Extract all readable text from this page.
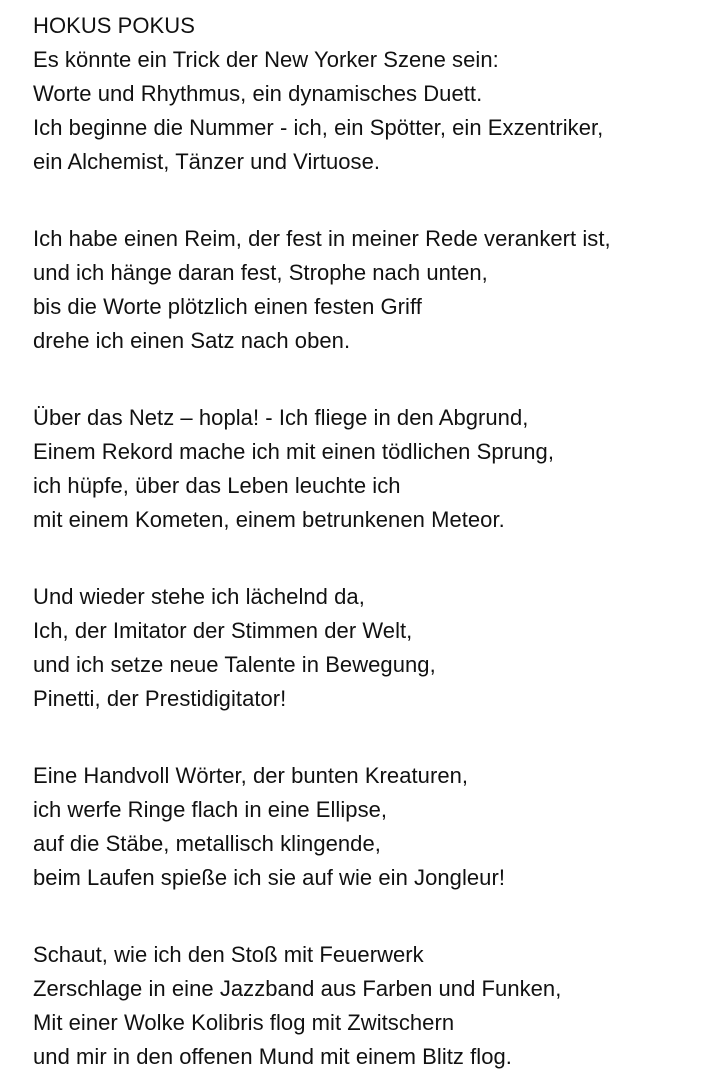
HOKUS POKUS
Es könnte ein Trick der New Yorker Szene sein:
Worte und Rhythmus, ein dynamisches Duett.
Ich beginne die Nummer - ich, ein Spötter, ein Exzentriker,
ein Alchemist, Tänzer und Virtuose.
Ich habe einen Reim, der fest in meiner Rede verankert ist,
und ich hänge daran fest, Strophe nach unten,
bis die Worte plötzlich einen festen Griff
drehe ich einen Satz nach oben.
Über das Netz – hopla! - Ich fliege in den Abgrund,
Einem Rekord mache ich mit einen tödlichen Sprung,
ich hüpfe, über das Leben leuchte ich
mit einem Kometen, einem betrunkenen Meteor.
Und wieder stehe ich lächelnd da,
Ich, der Imitator der Stimmen der Welt,
und ich setze neue Talente in Bewegung,
Pinetti, der Prestidigitator!
Eine Handvoll Wörter, der bunten Kreaturen,
ich werfe Ringe flach in eine Ellipse,
auf die Stäbe, metallisch klingende,
beim Laufen spieße ich sie auf wie ein Jongleur!
Schaut, wie ich den Stoß mit Feuerwerk
Zerschlage in eine Jazzband aus Farben und Funken,
Mit einer Wolke Kolibris flog mit Zwitschern
und mir in den offenen Mund mit einem Blitz flog.
